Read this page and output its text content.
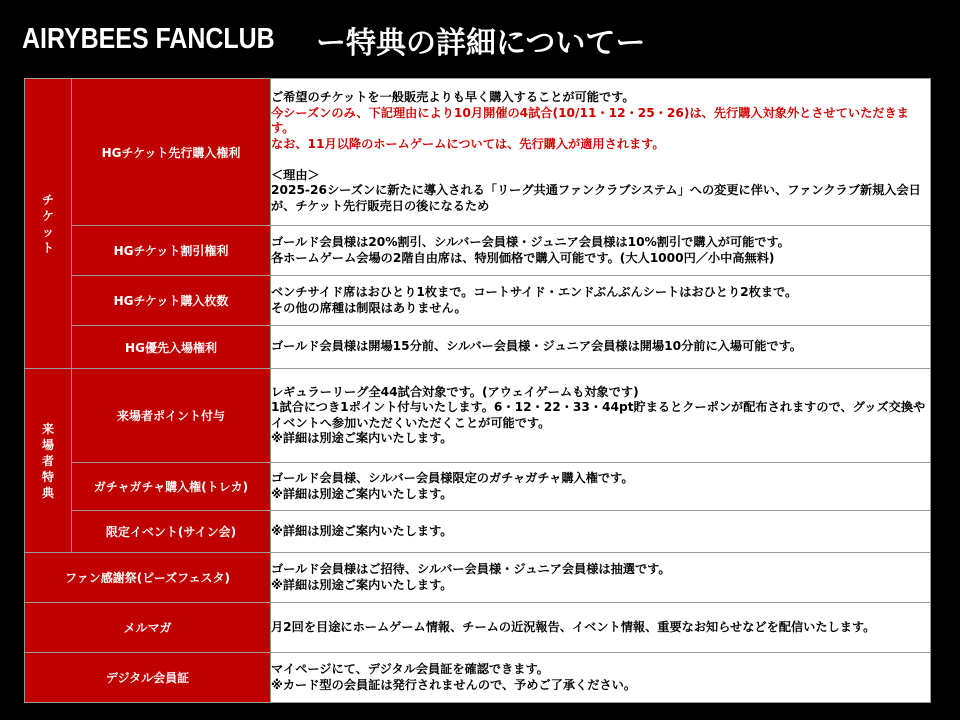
AIRYBEES FANCLUB ー特典の詳細についてー
チケット	HGチケット先行購入権利	ご希望のチケットを一般販売よりも早く購入することが可能です。
今シーズンのみ、下記理由により10月開催の4試合(10/11・12・25・26)は、先行購入対象外とさせていただきます。
なお、11月以降のホームゲームについては、先行購入が適用されます。
＜理由＞
2025-26シーズンに新たに導入される「リーグ共通ファンクラブシステム」への変更に伴い、ファンクラブ新規入会日が、チケット先行販売日の後になるため

	HGチケット割引権利	ゴールド会員様は20%割引、シルバー会員様・ジュニア会員様は10%割引で購入が可能です。
各ホームゲーム会場の2階自由席は、特別価格で購入可能です。(大人1000円／小中高無料)

	HGチケット購入枚数	ベンチサイド席はおひとり1枚まで。コートサイド・エンドぶんぶんシートはおひとり2枚まで。
その他の席種は制限はありません。

	HG優先入場権利	ゴールド会員様は開場15分前、シルバー会員様・ジュニア会員様は開場10分前に入場可能です。

来場者特典	来場者ポイント付与	レギュラーリーグ全44試合対象です。(アウェイゲームも対象です)
1試合につき1ポイント付与いたします。6・12・22・33・44pt貯まるとクーポンが配布されますので、グッズ交換やイベントへ参加いただくいただくことが可能です。
※詳細は別途ご案内いたします。

	ガチャガチャ購入権(トレカ)	ゴールド会員様、シルバー会員様限定のガチャガチャ購入権です。
※詳細は別途ご案内いたします。

	限定イベント(サイン会)	※詳細は別途ご案内いたします。

ファン感謝祭(ビーズフェスタ)		ゴールド会員様はご招待、シルバー会員様・ジュニア会員様は抽選です。
※詳細は別途ご案内いたします。

メルマガ		月2回を目途にホームゲーム情報、チームの近況報告、イベント情報、重要なお知らせなどを配信いたします。

デジタル会員証		マイページにて、デジタル会員証を確認できます。
※カード型の会員証は発行されませんので、予めご了承ください。
